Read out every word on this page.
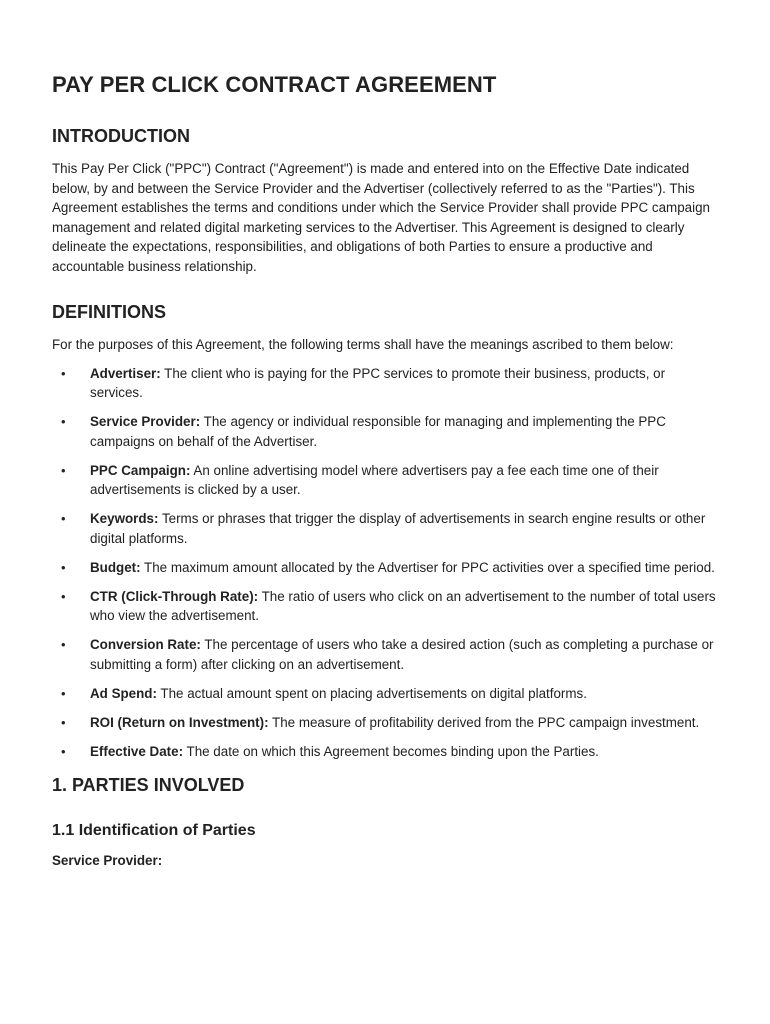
PAY PER CLICK CONTRACT AGREEMENT
INTRODUCTION

This Pay Per Click ("PPC") Contract ("Agreement") is made and entered into on the Effective Date indicated below, by and between the Service Provider and the Advertiser (collectively referred to as the "Parties"). This Agreement establishes the terms and conditions under which the Service Provider shall provide PPC campaign management and related digital marketing services to the Advertiser. This Agreement is designed to clearly delineate the expectations, responsibilities, and obligations of both Parties to ensure a productive and accountable business relationship.

DEFINITIONS

For the purposes of this Agreement, the following terms shall have the meanings ascribed to them below:

• Advertiser: The client who is paying for the PPC services to promote their business, products, or services.
• Service Provider: The agency or individual responsible for managing and implementing the PPC campaigns on behalf of the Advertiser.
• PPC Campaign: An online advertising model where advertisers pay a fee each time one of their advertisements is clicked by a user.
• Keywords: Terms or phrases that trigger the display of advertisements in search engine results or other digital platforms.
• Budget: The maximum amount allocated by the Advertiser for PPC activities over a specified time period.
• CTR (Click-Through Rate): The ratio of users who click on an advertisement to the number of total users who view the advertisement.
• Conversion Rate: The percentage of users who take a desired action (such as completing a purchase or submitting a form) after clicking on an advertisement.
• Ad Spend: The actual amount spent on placing advertisements on digital platforms.
• ROI (Return on Investment): The measure of profitability derived from the PPC campaign investment.
• Effective Date: The date on which this Agreement becomes binding upon the Parties.
1. PARTIES INVOLVED
1.1 Identification of Parties

Service Provider:
